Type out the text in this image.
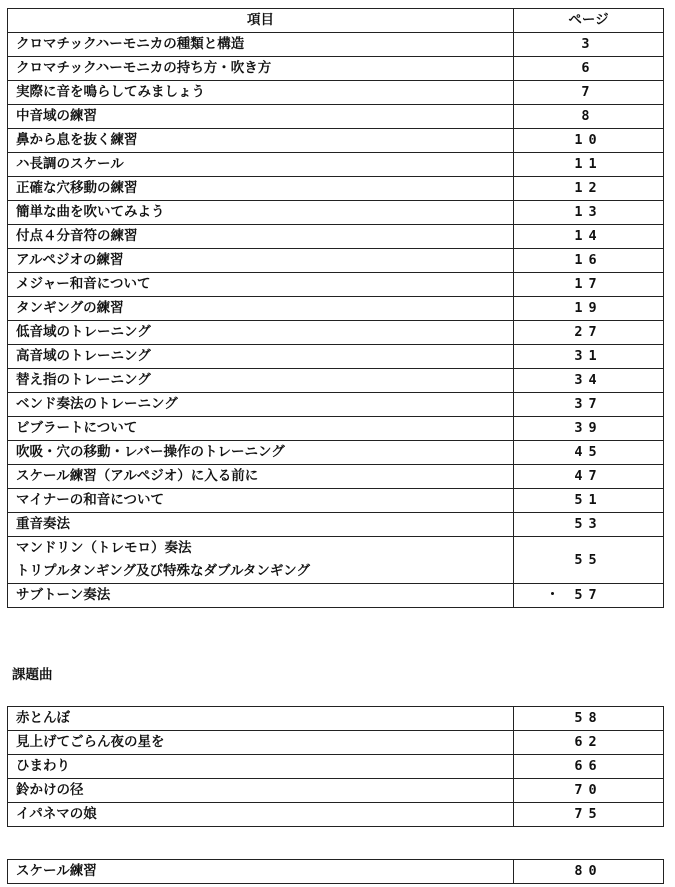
項目	ページ
クロマチックハーモニカの種類と構造	3
クロマチックハーモニカの持ち方・吹き方	6
実際に音を鳴らしてみましょう	7
中音域の練習	8
鼻から息を抜く練習	10
ハ長調のスケール	11
正確な穴移動の練習	12
簡単な曲を吹いてみよう	13
付点４分音符の練習	14
アルペジオの練習	16
メジャー和音について	17
タンギングの練習	19
低音域のトレーニング	27
高音域のトレーニング	31
替え指のトレーニング	34
ベンド奏法のトレーニング	37
ビブラートについて	39
吹吸・穴の移動・レバー操作のトレーニング	45
スケール練習（アルペジオ）に入る前に	47
マイナーの和音について	51
重音奏法	53

マンドリン（トレモロ）奏法
トリプルタンギング及び特殊なダブルタンギング	55
サブトーン奏法	57

課題曲

赤とんぼ	58
見上げてごらん夜の星を	62
ひまわり	66
鈴かけの径	70
イパネマの娘	75
スケール練習	80
